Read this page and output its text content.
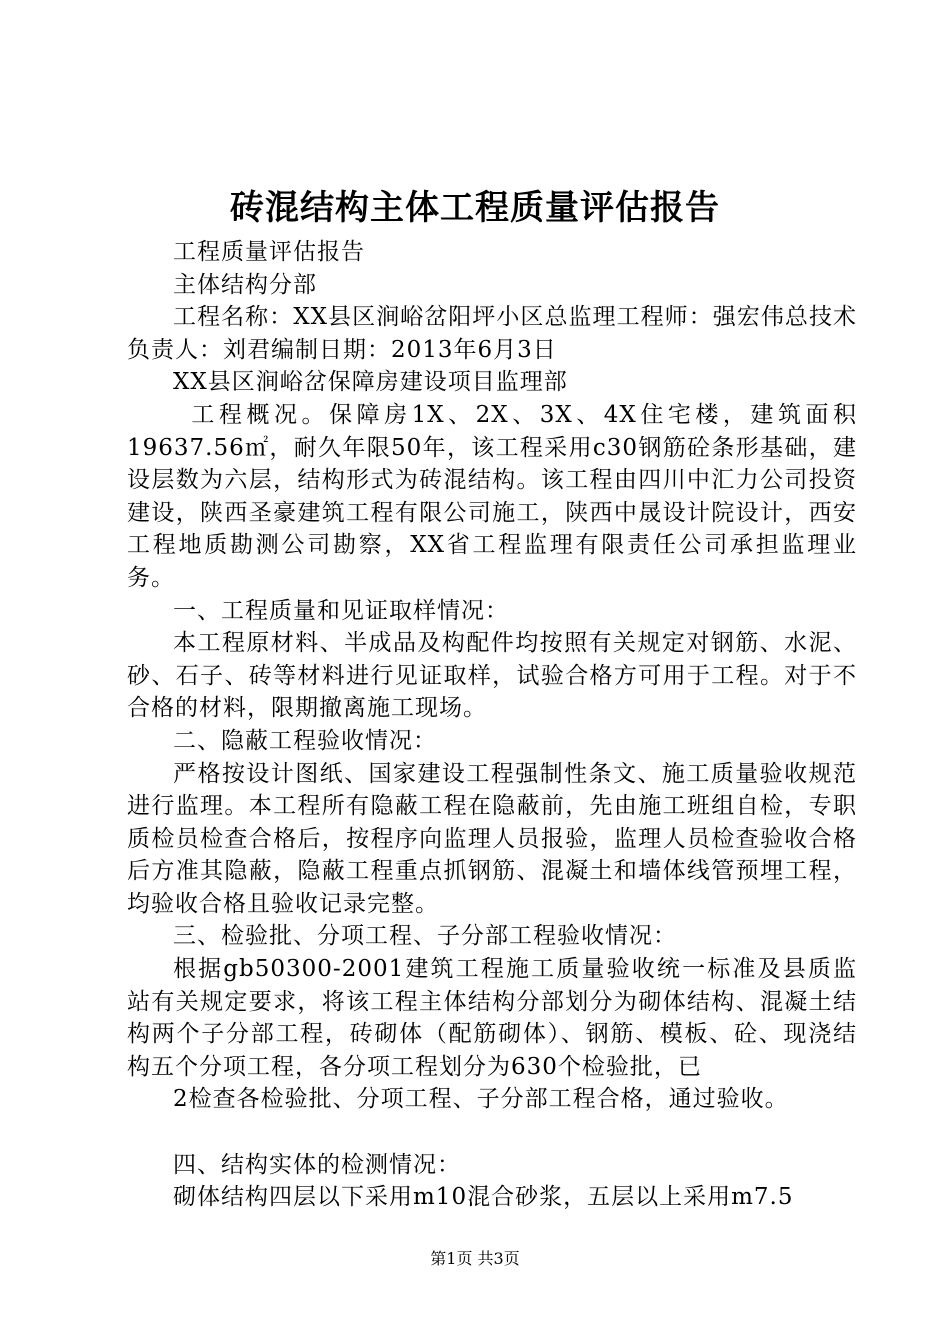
砖混结构主体工程质量评估报告

工程质量评估报告

主体结构分部

工程名称：XX县区涧峪岔阳坪小区总监理工程师：强宏伟总技术负责人：刘君编制日期：2013年6月3日

XX县区涧峪岔保障房建设项目监理部

工程概况。保障房1X、2X、3X、4X住宅楼，建筑面积19637.56㎡，耐久年限50年，该工程采用c30钢筋砼条形基础，建设层数为六层，结构形式为砖混结构。该工程由四川中汇力公司投资建设，陕西圣豪建筑工程有限公司施工，陕西中晟设计院设计，西安工程地质勘测公司勘察，XX省工程监理有限责任公司承担监理业务。

一、工程质量和见证取样情况：

本工程原材料、半成品及构配件均按照有关规定对钢筋、水泥、砂、石子、砖等材料进行见证取样，试验合格方可用于工程。对于不合格的材料，限期撤离施工现场。

二、隐蔽工程验收情况：

严格按设计图纸、国家建设工程强制性条文、施工质量验收规范进行监理。本工程所有隐蔽工程在隐蔽前，先由施工班组自检，专职质检员检查合格后，按程序向监理人员报验，监理人员检查验收合格后方准其隐蔽，隐蔽工程重点抓钢筋、混凝土和墙体线管预埋工程，均验收合格且验收记录完整。

三、检验批、分项工程、子分部工程验收情况：

根据gb50300-2001建筑工程施工质量验收统一标准及县质监站有关规定要求，将该工程主体结构分部划分为砌体结构、混凝土结构两个子分部工程，砖砌体（配筋砌体）、钢筋、模板、砼、现浇结构五个分项工程，各分项工程划分为630个检验批，已

2检查各检验批、分项工程、子分部工程合格，通过验收。

四、结构实体的检测情况：

砌体结构四层以下采用m10混合砂浆，五层以上采用m7.5

第1页 共3页
